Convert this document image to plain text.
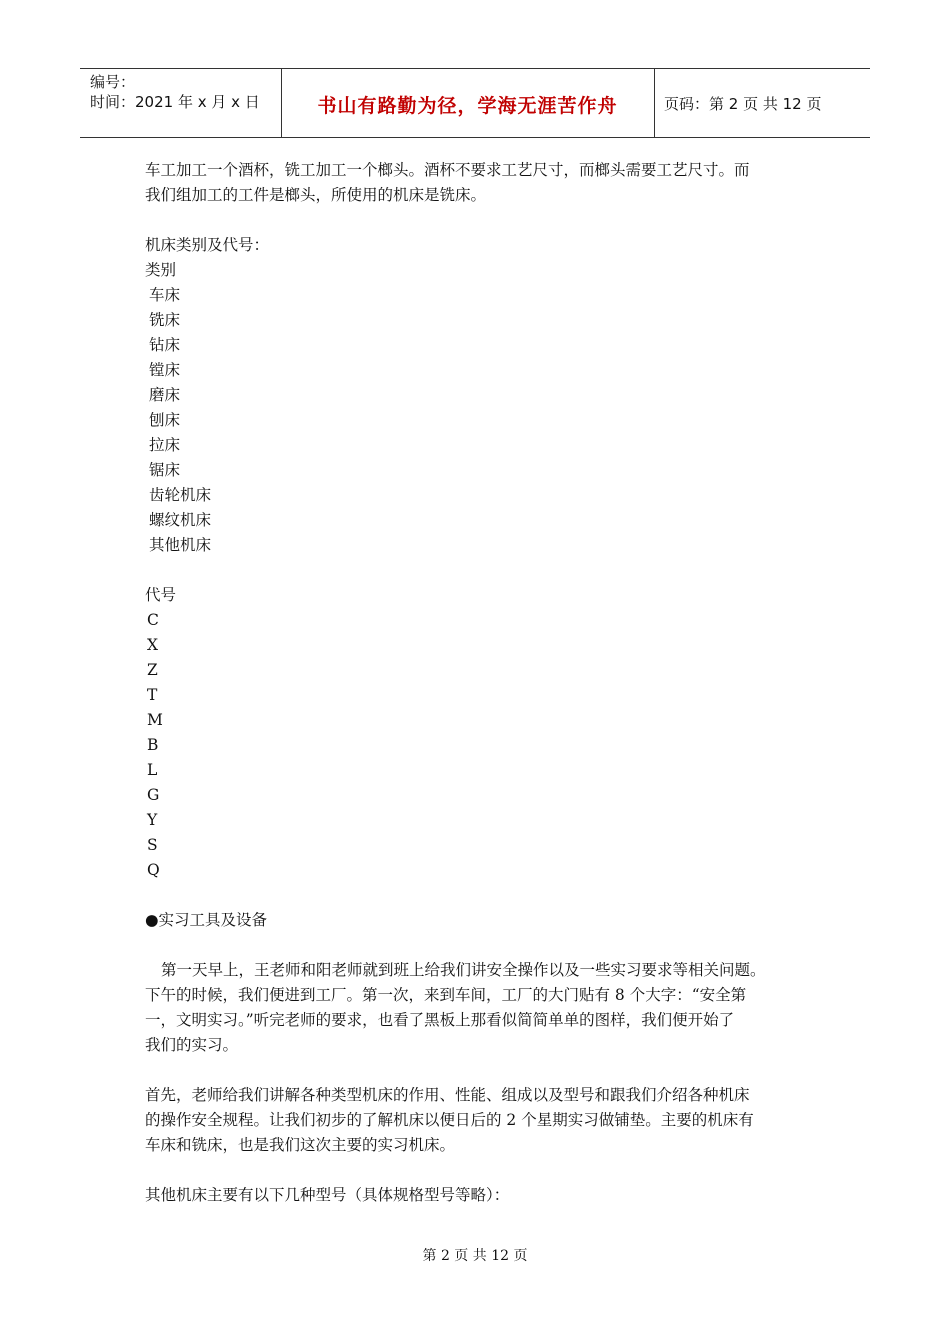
编号：
时间：2021 年 x 月 x 日	书山有路勤为径，学海无涯苦作舟	页码：第 2 页 共 12 页

车工加工一个酒杯，铣工加工一个榔头。酒杯不要求工艺尺寸，而榔头需要工艺尺寸。而

我们组加工的工件是榔头，所使用的机床是铣床。

机床类别及代号：

类别

车床

铣床

钻床

镗床

磨床

刨床

拉床

锯床

齿轮机床

螺纹机床

其他机床

代号

C

X

Z

T

M

B

L

G

Y

S

Q

●实习工具及设备

第一天早上，王老师和阳老师就到班上给我们讲安全操作以及一些实习要求等相关问题。

下午的时候，我们便进到工厂。第一次，来到车间，工厂的大门贴有 8 个大字：“安全第

一，文明实习。”听完老师的要求，也看了黑板上那看似简简单单的图样，我们便开始了

我们的实习。

首先，老师给我们讲解各种类型机床的作用、性能、组成以及型号和跟我们介绍各种机床

的操作安全规程。让我们初步的了解机床以便日后的 2 个星期实习做铺垫。主要的机床有

车床和铣床，也是我们这次主要的实习机床。

其他机床主要有以下几种型号（具体规格型号等略）：

第 2 页 共 12 页
